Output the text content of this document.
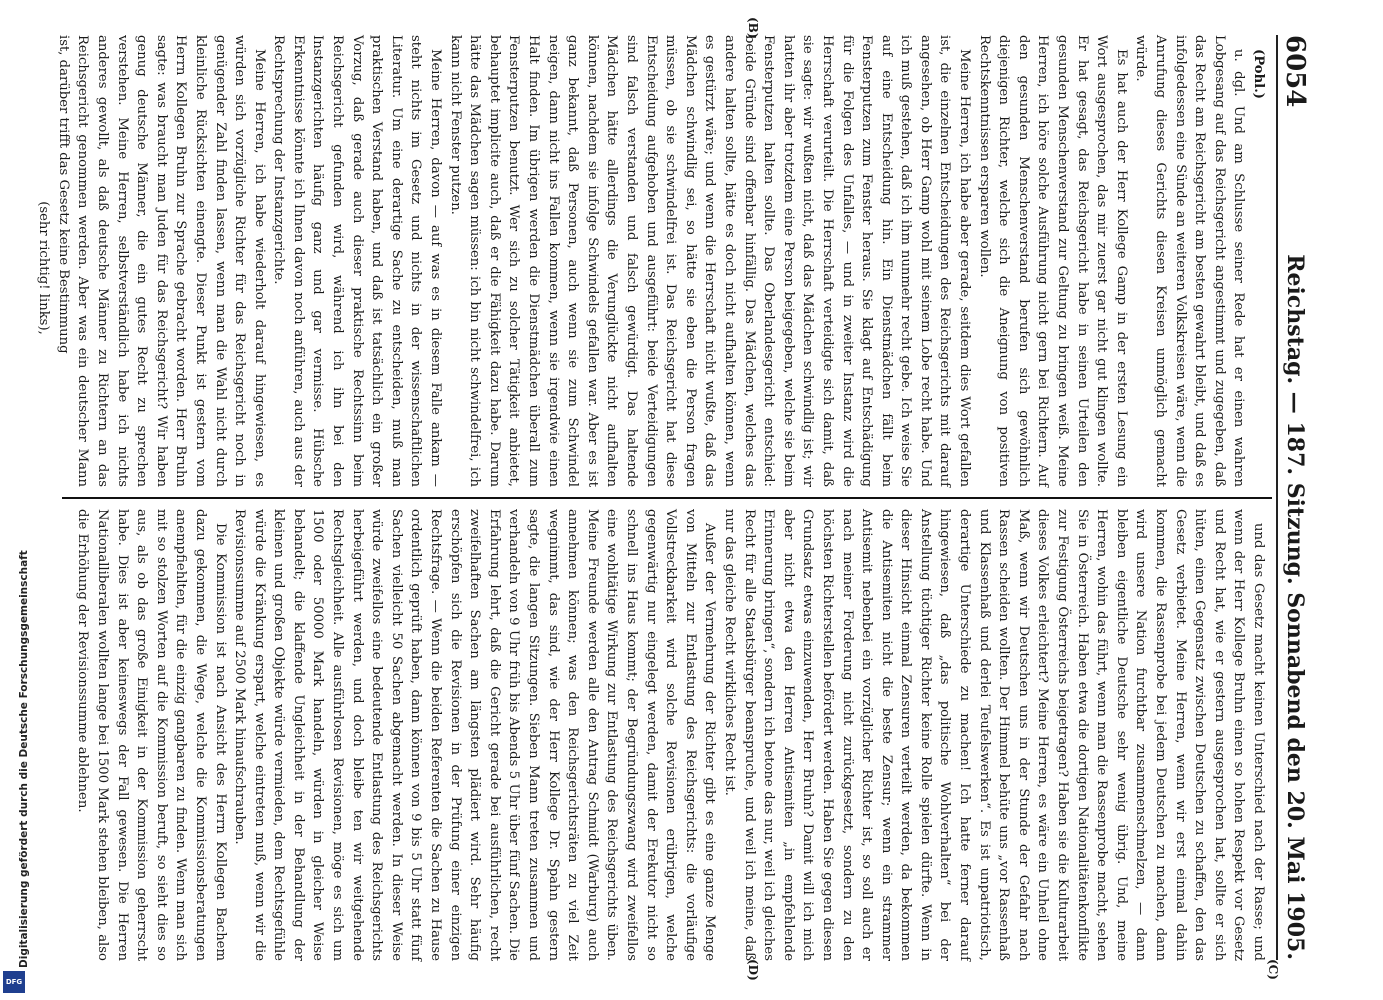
Digitalisierung gefördert durch die Deutsche Forschungsgemeinschaft
DFG
6054
Reichstag. — 187. Sitzung. Sonnabend den 20. Mai 1905.

(Pohl.)

u. dgl. Und am Schlusse seiner Rede hat er einen wahren Lobgesang auf das Reichsgericht angestimmt und zugegeben, daß das Recht am Reichsgericht am besten gewahrt bleibt, und daß es infolgedessen eine Sünde an weiteren Volkskreisen wäre, wenn die Anrufung dieses Gerichts diesen Kreisen unmöglich gemacht würde.

Es hat auch der Herr Kollege Gamp in der ersten Lesung ein Wort ausgesprochen, das mir zuerst gar nicht gut klingen wollte. Er hat gesagt, das Reichsgericht habe in seinen Urteilen den gesunden Menschenverstand zur Geltung zu bringen weiß. Meine Herren, ich höre solche Ausführung nicht gern bei Richtern. Auf den gesunden Menschenverstand berufen sich gewöhnlich diejenigen Richter, welche sich die Aneignung von positiven Rechtskenntnissen ersparen wollen.

Meine Herren, ich habe aber gerade, seitdem dies Wort gefallen ist, die einzelnen Entscheidungen des Reichsgerichts mit darauf angesehen, ob Herr Gamp wohl mit seinem Lobe recht habe. Und ich muß gestehen, daß ich ihm nunmehr recht gebe. Ich weise Sie auf eine Entscheidung hin. Ein Dienstmädchen fällt beim Fensterputzen zum Fenster heraus. Sie klagt auf Entschädigung für die Folgen des Unfalles, — und in zweiter Instanz wird die Herrschaft verurteilt. Die Herrschaft verteidigte sich damit, daß sie sagte: wir wußten nicht, daß das Mädchen schwindlig ist; wir hatten ihr aber trotzdem eine Person beigegeben, welche sie beim Fensterputzen halten sollte. Das Oberlandesgericht entschied: beide Gründe sind offenbar hinfällig. Das Mädchen, welches das andere halten sollte, hätte es doch nicht aufhalten können, wenn es gestürzt wäre; und wenn die Herrschaft nicht wußte, daß das Mädchen schwindlig sei, so hätte sie eben die Person fragen müssen, ob sie schwindelfrei ist. Das Reichsgericht hat diese Entscheidung aufgehoben und ausgeführt: beide Verteidigungen sind falsch verstanden und falsch gewürdigt. Das haltende Mädchen hätte allerdings die Verunglückte nicht aufhalten können, nachdem sie infolge Schwindels gefallen war. Aber es ist ganz bekannt, daß Personen, auch wenn sie zum Schwindel neigen, dann nicht ins Fallen kommen, wenn sie irgendwie einen Halt finden. Im übrigen werden die Dienstmädchen überall zum Fensterputzen benutzt. Wer sich zu solcher Tätigkeit anbietet, behauptet implicite auch, daß er die Fähigkeit dazu habe. Darum hätte das Mädchen sagen müssen: ich bin nicht schwindelfrei, ich kann nicht Fenster putzen.

Meine Herren, davon — auf was es in diesem Falle ankam — steht nichts im Gesetz und nichts in der wissenschaftlichen Literatur. Um eine derartige Sache zu entscheiden, muß man praktischen Verstand haben, und daß ist tatsächlich ein großer Vorzug, daß gerade auch dieser praktische Rechtssinn beim Reichsgericht gefunden wird, während ich ihn bei den Instanzgerichten häufig ganz und gar vermisse. Hübsche Erkenntnisse könnte ich Ihnen davon noch anführen, auch aus der Rechtsprechung der Instanzgerichte.

Meine Herren, ich habe wiederholt darauf hingewiesen, es würden sich vorzügliche Richter für das Reichsgericht noch in genügender Zahl finden lassen, wenn man die Wahl nicht durch kleinliche Rücksichten einengte. Dieser Punkt ist gestern vom Herrn Kollegen Bruhn zur Sprache gebracht worden. Herr Bruhn sagte: was braucht man Juden für das Reichsgericht? Wir haben genug deutsche Männer, die ein gutes Recht zu sprechen verstehen. Meine Herren, selbstverständlich habe ich nichts anderes gewollt, als daß deutsche Männer zu Richtern an das Reichsgericht genommen werden. Aber was ein deutscher Mann ist, darüber trifft das Gesetz keine Bestimmung

(sehr richtig! links),

und das Gesetz macht keinen Unterschied nach der Rasse; und wenn der Herr Kollege Bruhn einen so hohen Respekt vor Gesetz und Recht hat, wie er gestern ausgesprochen hat, sollte er sich hüten, einen Gegensatz zwischen Deutschen zu schaffen, den das Gesetz verbietet. Meine Herren, wenn wir erst einmal dahin kommen, die Rassenprobe bei jedem Deutschen zu machen, dann wird unsere Nation furchtbar zusammenschmelzen, — dann bleiben eigentliche Deutsche sehr wenig übrig. Und, meine Herren, wohin das führt, wenn man die Rassenprobe macht, sehen Sie in Österreich. Haben etwa die dortigen Nationalitätenkonflikte zur Festigung Österreichs beigetragen? Haben sie die Kulturarbeit dieses Volkes erleichtert? Meine Herren, es wäre ein Unheil ohne Maß, wenn wir Deutschen uns in der Stunde der Gefahr nach Rassen scheiden wollten. Der Himmel behüte uns „vor Rassenhaß und Klassenhaß und derlei Teufelswerken“. Es ist unpatriotisch, derartige Unterschiede zu machen! Ich hatte ferner darauf hingewiesen, daß „das politische Wohlverhalten“ bei der Anstellung tüchtiger Richter keine Rolle spielen dürfte. Wenn in dieser Hinsicht einmal Zensuren verteilt werden, da bekommen die Antisemiten nicht die beste Zensur; wenn ein strammer Antisemit nebenbei ein vorzüglicher Richter ist, so soll auch er nach meiner Forderung nicht zurückgesetzt, sondern zu den höchsten Richterstellen befördert werden. Haben Sie gegen diesen Grundsatz etwas einzuwenden, Herr Bruhn? Damit will ich mich aber nicht etwa den Herren Antisemiten „in empfehlende Erinnerung bringen“, sondern ich betone das nur, weil ich gleiches Recht für alle Staatsbürger beanspruche, und weil ich meine, daß nur das gleiche Recht wirkliches Recht ist.

Außer der Vermehrung der Richter gibt es eine ganze Menge von Mitteln zur Entlastung des Reichsgerichts: die vorläufige Vollstreckbarkeit wird solche Revisionen erübrigen, welche gegenwärtig nur eingelegt werden, damit der Erekutor nicht so schnell ins Haus kommt; der Begründungszwang wird zweifellos eine wohltätige Wirkung zur Entlastung des Reichsgerichts üben. Meine Freunde werden alle den Antrag Schmidt (Warburg) auch annehmen können; was den Reichsgerichtsräten zu viel Zeit wegnimmt, das sind, wie der Herr Kollege Dr. Spahn gestern sagte, die langen Sitzungen. Sieben Mann treten zusammen und verhandeln von 9 Uhr früh bis Abends 5 Uhr über fünf Sachen. Die Erfahrung lehrt, daß die Gericht gerade bei ausführlichen, recht zweifelhaften Sachen am längsten plädiert wird. Sehr häufig erschöpfen sich die Revisionen in der Prüfung einer einzigen Rechtsfrage. — Wenn die beiden Referenten die Sachen zu Hause ordentlich geprüft haben, dann können von 9 bis 5 Uhr statt fünf Sachen vielleicht 50 Sachen abgemacht werden. In dieser Weise würde zweifellos eine bedeutende Entlastung des Reichsgerichts herbeigeführt werden, und doch bleibe ten wir weitgehende Rechtsgleichheit. Alle ausführlosen Revisionen, möge es sich um 1500 oder 50000 Mark handeln, würden in gleicher Weise behandelt; die klaffende Ungleichheit in der Behandlung der kleinen und großen Objekte würde vermieden, dem Rechtsgefühle würde die Kränkung erspart, welche eintreten muß, wenn wir die Revisionssumme auf 2500 Mark hinaufschrauben.

Die Kommission ist nach Ansicht des Herrn Kollegen Bachem dazu gekommen, die Wege, welche die Kommissionsberatungen anempfiehlten, für die einzig gangbaren zu finden. Wenn man sich mit so stolzen Worten auf die Kommission beruft, so sieht dies so aus, als ob das große Einigkeit in der Kommission geherrscht habe. Dies ist aber keineswegs der Fall gewesen. Die Herren Nationalliberalen wollten lange bei 1500 Mark stehen bleiben, also die Erhöhung der Revisionssumme ablehnen.

(B)
(C)
(D)
